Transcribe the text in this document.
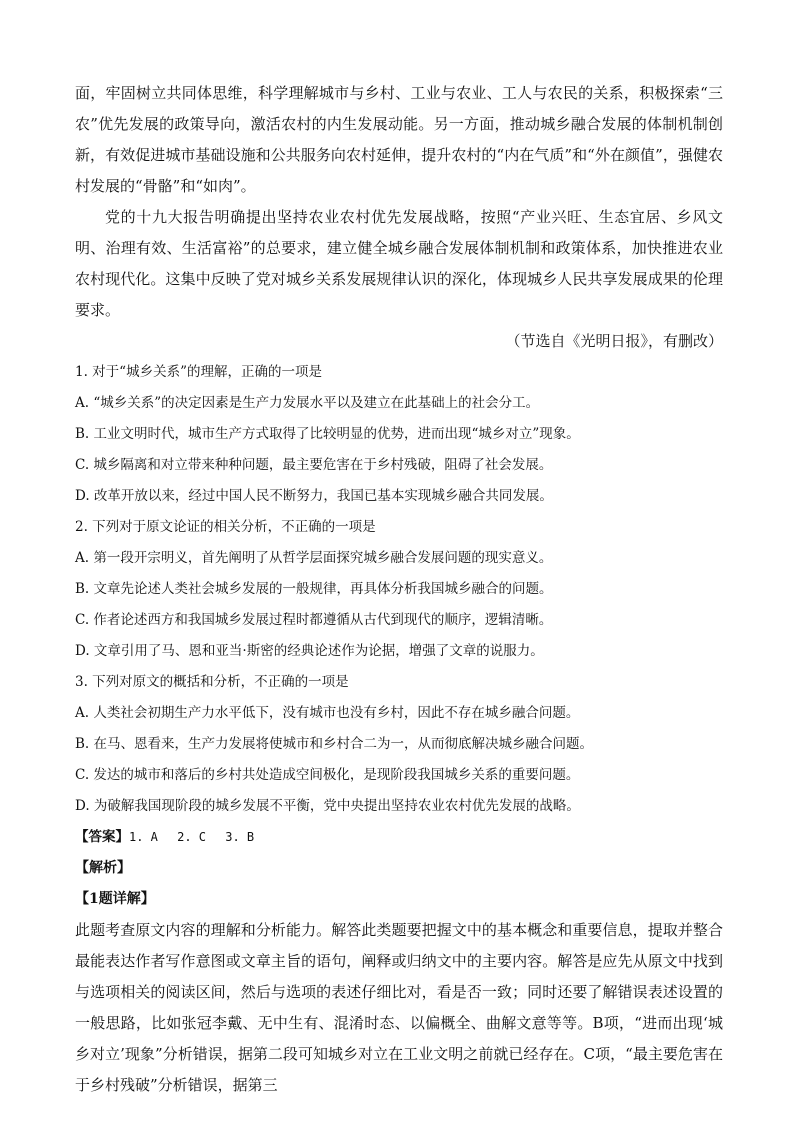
面，牢固树立共同体思维，科学理解城市与乡村、工业与农业、工人与农民的关系，积极探索“三农”优先发展的政策导向，激活农村的内生发展动能。另一方面，推动城乡融合发展的体制机制创新，有效促进城市基础设施和公共服务向农村延伸，提升农村的“内在气质”和“外在颜值”，强健农村发展的“骨骼”和“如肉”。

党的十九大报告明确提出坚持农业农村优先发展战略，按照“产业兴旺、生态宜居、乡风文明、治理有效、生活富裕”的总要求，建立健全城乡融合发展体制机制和政策体系，加快推进农业农村现代化。这集中反映了党对城乡关系发展规律认识的深化，体现城乡人民共享发展成果的伦理要求。

（节选自《光明日报》，有删改）

1. 对于“城乡关系”的理解，正确的一项是

A. “城乡关系”的决定因素是生产力发展水平以及建立在此基础上的社会分工。

B. 工业文明时代，城市生产方式取得了比较明显的优势，进而出现“城乡对立”现象。

C. 城乡隔离和对立带来种种问题，最主要危害在于乡村残破，阻碍了社会发展。

D. 改革开放以来，经过中国人民不断努力，我国已基本实现城乡融合共同发展。

2. 下列对于原文论证的相关分析，不正确的一项是

A. 第一段开宗明义，首先阐明了从哲学层面探究城乡融合发展问题的现实意义。

B. 文章先论述人类社会城乡发展的一般规律，再具体分析我国城乡融合的问题。

C. 作者论述西方和我国城乡发展过程时都遵循从古代到现代的顺序，逻辑清晰。

D. 文章引用了马、恩和亚当·斯密的经典论述作为论据，增强了文章的说服力。

3. 下列对原文的概括和分析，不正确的一项是

A. 人类社会初期生产力水平低下，没有城市也没有乡村，因此不存在城乡融合问题。

B. 在马、恩看来，生产力发展将使城市和乡村合二为一，从而彻底解决城乡融合问题。

C. 发达的城市和落后的乡村共处造成空间极化，是现阶段我国城乡关系的重要问题。

D. 为破解我国现阶段的城乡发展不平衡，党中央提出坚持农业农村优先发展的战略。

【答案】1. A　 2. C　 3. B

【解析】

【1题详解】

此题考查原文内容的理解和分析能力。解答此类题要把握文中的基本概念和重要信息，提取并整合最能表达作者写作意图或文章主旨的语句，阐释或归纳文中的主要内容。解答是应先从原文中找到与选项相关的阅读区间，然后与选项的表述仔细比对，看是否一致；同时还要了解错误表述设置的一般思路，比如张冠李戴、无中生有、混淆时态、以偏概全、曲解文意等等。B项，“进而出现‘城乡对立’现象”分析错误，据第二段可知城乡对立在工业文明之前就已经存在。C项，“最主要危害在于乡村残破”分析错误，据第三
